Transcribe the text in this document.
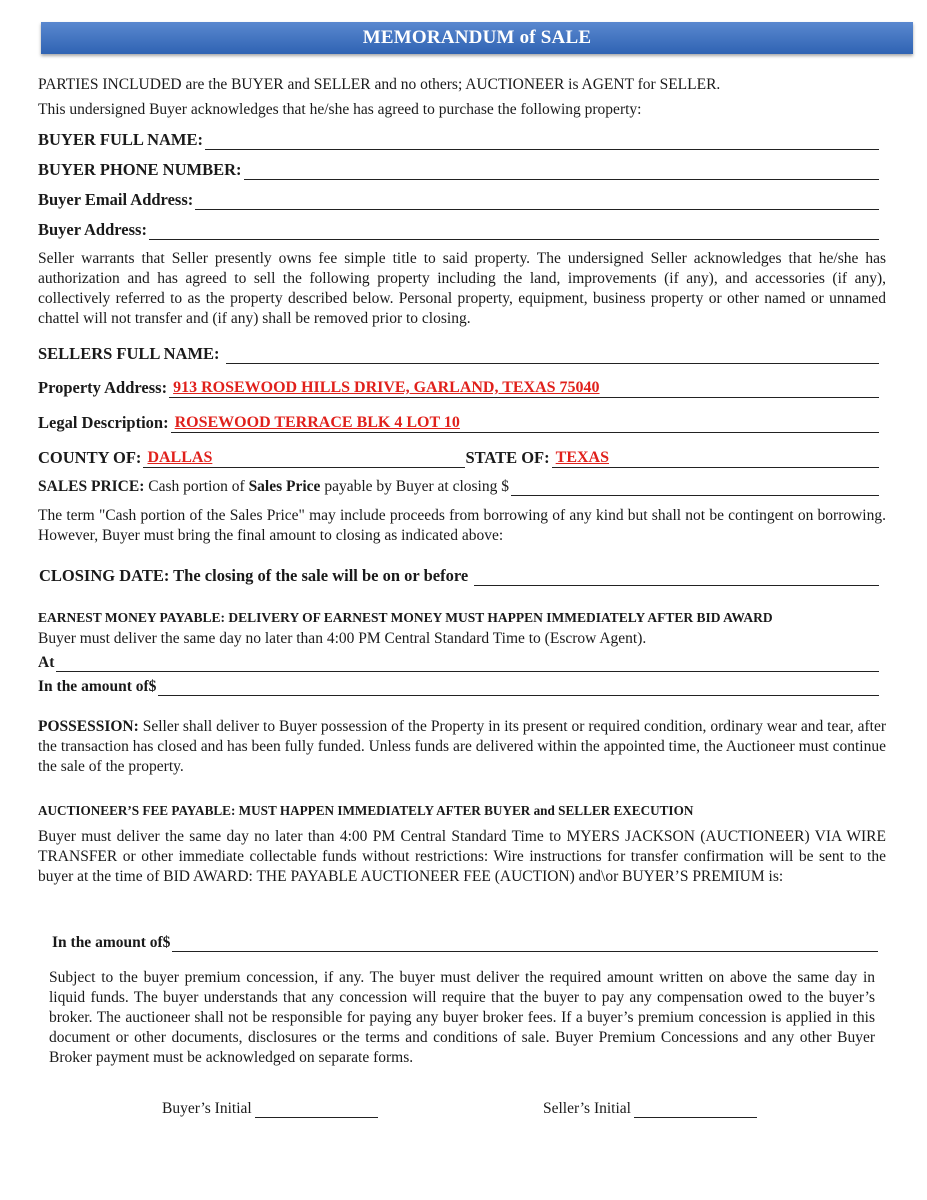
MEMORANDUM of SALE
PARTIES INCLUDED are the BUYER and SELLER and no others; AUCTIONEER is AGENT for SELLER.
This undersigned Buyer acknowledges that he/she has agreed to purchase the following property:
BUYER FULL NAME:
BUYER PHONE NUMBER:
Buyer Email Address:
Buyer Address:
Seller warrants that Seller presently owns fee simple title to said property. The undersigned Seller acknowledges that he/she has authorization and has agreed to sell the following property including the land, improvements (if any), and accessories (if any), collectively referred to as the property described below. Personal property, equipment, business property or other named or unnamed chattel will not transfer and (if any) shall be removed prior to closing.
SELLERS FULL NAME:
Property Address: 913 ROSEWOOD HILLS DRIVE, GARLAND, TEXAS 75040
Legal Description: ROSEWOOD TERRACE BLK 4 LOT 10
COUNTY OF: DALLAS	STATE OF: TEXAS
SALES PRICE: Cash portion of Sales Price payable by Buyer at closing $
The term "Cash portion of the Sales Price" may include proceeds from borrowing of any kind but shall not be contingent on borrowing. However, Buyer must bring the final amount to closing as indicated above:
CLOSING DATE: The closing of the sale will be on or before
EARNEST MONEY PAYABLE: DELIVERY OF EARNEST MONEY MUST HAPPEN IMMEDIATELY AFTER BID AWARD
Buyer must deliver the same day no later than 4:00 PM Central Standard Time to (Escrow Agent).
At
In the amount of $
POSSESSION: Seller shall deliver to Buyer possession of the Property in its present or required condition, ordinary wear and tear, after the transaction has closed and has been fully funded. Unless funds are delivered within the appointed time, the Auctioneer must continue the sale of the property.
AUCTIONEER’S FEE PAYABLE: MUST HAPPEN IMMEDIATELY AFTER BUYER and SELLER EXECUTION
Buyer must deliver the same day no later than 4:00 PM Central Standard Time to MYERS JACKSON (AUCTIONEER) VIA WIRE TRANSFER or other immediate collectable funds without restrictions: Wire instructions for transfer confirmation will be sent to the buyer at the time of BID AWARD: THE PAYABLE AUCTIONEER FEE (AUCTION) and\or BUYER’S PREMIUM is:
In the amount of $
Subject to the buyer premium concession, if any. The buyer must deliver the required amount written on above the same day in liquid funds. The buyer understands that any concession will require that the buyer to pay any compensation owed to the buyer’s broker. The auctioneer shall not be responsible for paying any buyer broker fees. If a buyer’s premium concession is applied in this document or other documents, disclosures or the terms and conditions of sale. Buyer Premium Concessions and any other Buyer Broker payment must be acknowledged on separate forms.
Buyer’s Initial	Seller’s Initial
